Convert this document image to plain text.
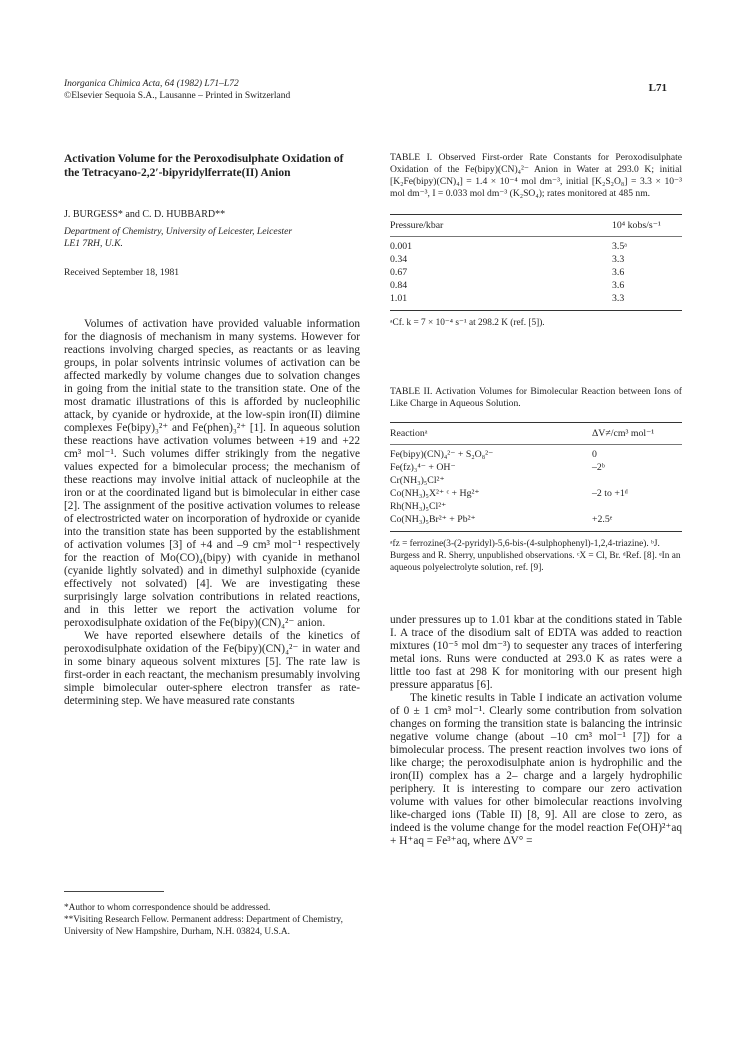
Inorganica Chimica Acta, 64 (1982) L71–L72
©Elsevier Sequoia S.A., Lausanne – Printed in Switzerland
L71
Activation Volume for the Peroxodisulphate Oxidation of the Tetracyano-2,2′-bipyridylferrate(II) Anion
J. BURGESS* and C. D. HUBBARD**
Department of Chemistry, University of Leicester, Leicester
LE1 7RH, U.K.
Received September 18, 1981

Volumes of activation have provided valuable information for the diagnosis of mechanism in many systems. However for reactions involving charged species, as reactants or as leaving groups, in polar solvents intrinsic volumes of activation can be affected markedly by volume changes due to solvation changes in going from the initial state to the transition state. One of the most dramatic illustrations of this is afforded by nucleophilic attack, by cyanide or hydroxide, at the low-spin iron(II) diimine complexes Fe(bipy)₃²⁺ and Fe(phen)₃²⁺ [1]. In aqueous solution these reactions have activation volumes between +19 and +22 cm³ mol⁻¹. Such volumes differ strikingly from the negative values expected for a bimolecular process; the mechanism of these reactions may involve initial attack of nucleophile at the iron or at the coordinated ligand but is bimolecular in either case [2]. The assignment of the positive activation volumes to release of electrostricted water on incorporation of hydroxide or cyanide into the transition state has been supported by the establishment of activation volumes [3] of +4 and –9 cm³ mol⁻¹ respectively for the reaction of Mo(CO)₄(bipy) with cyanide in methanol (cyanide lightly solvated) and in dimethyl sulphoxide (cyanide effectively not solvated) [4]. We are investigating these surprisingly large solvation contributions in related reactions, and in this letter we report the activation volume for peroxodisulphate oxidation of the Fe(bipy)(CN)₄²⁻ anion.

We have reported elsewhere details of the kinetics of peroxodisulphate oxidation of the Fe(bipy)(CN)₄²⁻ in water and in some binary aqueous solvent mixtures [5]. The rate law is first-order in each reactant, the mechanism presumably involving simple bimolecular outer-sphere electron transfer as rate-determining step. We have measured rate constants

*Author to whom correspondence should be addressed.
**Visiting Research Fellow. Permanent address: Department of Chemistry, University of New Hampshire, Durham, N.H. 03824, U.S.A.
TABLE I. Observed First-order Rate Constants for Peroxodisulphate Oxidation of the Fe(bipy)(CN)₄²⁻ Anion in Water at 293.0 K; initial [K₂Fe(bipy)(CN)₄] = 1.4 × 10⁻⁴ mol dm⁻³, initial [K₂S₂O₈] = 3.3 × 10⁻³ mol dm⁻³, I = 0.033 mol dm⁻³ (K₂SO₄); rates monitored at 485 nm.
Pressure/kbar	10⁴ kobs/s⁻¹
0.001	3.5ᵃ
0.34	3.3
0.67	3.6
0.84	3.6
1.01	3.3

ᵃCf. k = 7 × 10⁻⁴ s⁻¹ at 298.2 K (ref. [5]).
TABLE II. Activation Volumes for Bimolecular Reaction between Ions of Like Charge in Aqueous Solution.
Reactionᵃ	ΔV≠/cm³ mol⁻¹
Fe(bipy)(CN)₄²⁻ + S₂O₈²⁻	0
Fe(fz)₃⁴⁻ + OH⁻	–2ᵇ
Cr(NH₃)₅Cl²⁺	
Co(NH₃)₅X²⁺ ᶜ + Hg²⁺	–2 to +1ᵈ
Rh(NH₃)₅Cl²⁺	
Co(NH₃)₅Br²⁺ + Pb²⁺	+2.5ᵉ

ᵃfz = ferrozine(3-(2-pyridyl)-5,6-bis-(4-sulphophenyl)-1,2,4-triazine). ᵇJ. Burgess and R. Sherry, unpublished observations. ᶜX = Cl, Br. ᵈRef. [8]. ᵉIn an aqueous polyelectrolyte solution, ref. [9].

under pressures up to 1.01 kbar at the conditions stated in Table I. A trace of the disodium salt of EDTA was added to reaction mixtures (10⁻⁵ mol dm⁻³) to sequester any traces of interfering metal ions. Runs were conducted at 293.0 K as rates were a little too fast at 298 K for monitoring with our present high pressure apparatus [6].

The kinetic results in Table I indicate an activation volume of 0 ± 1 cm³ mol⁻¹. Clearly some contribution from solvation changes on forming the transition state is balancing the intrinsic negative volume change (about –10 cm³ mol⁻¹ [7]) for a bimolecular process. The present reaction involves two ions of like charge; the peroxodisulphate anion is hydrophilic and the iron(II) complex has a 2– charge and a largely hydrophilic periphery. It is interesting to compare our zero activation volume with values for other bimolecular reactions involving like-charged ions (Table II) [8, 9]. All are close to zero, as indeed is the volume change for the model reaction Fe(OH)²⁺aq + H⁺aq = Fe³⁺aq, where ΔV° =
